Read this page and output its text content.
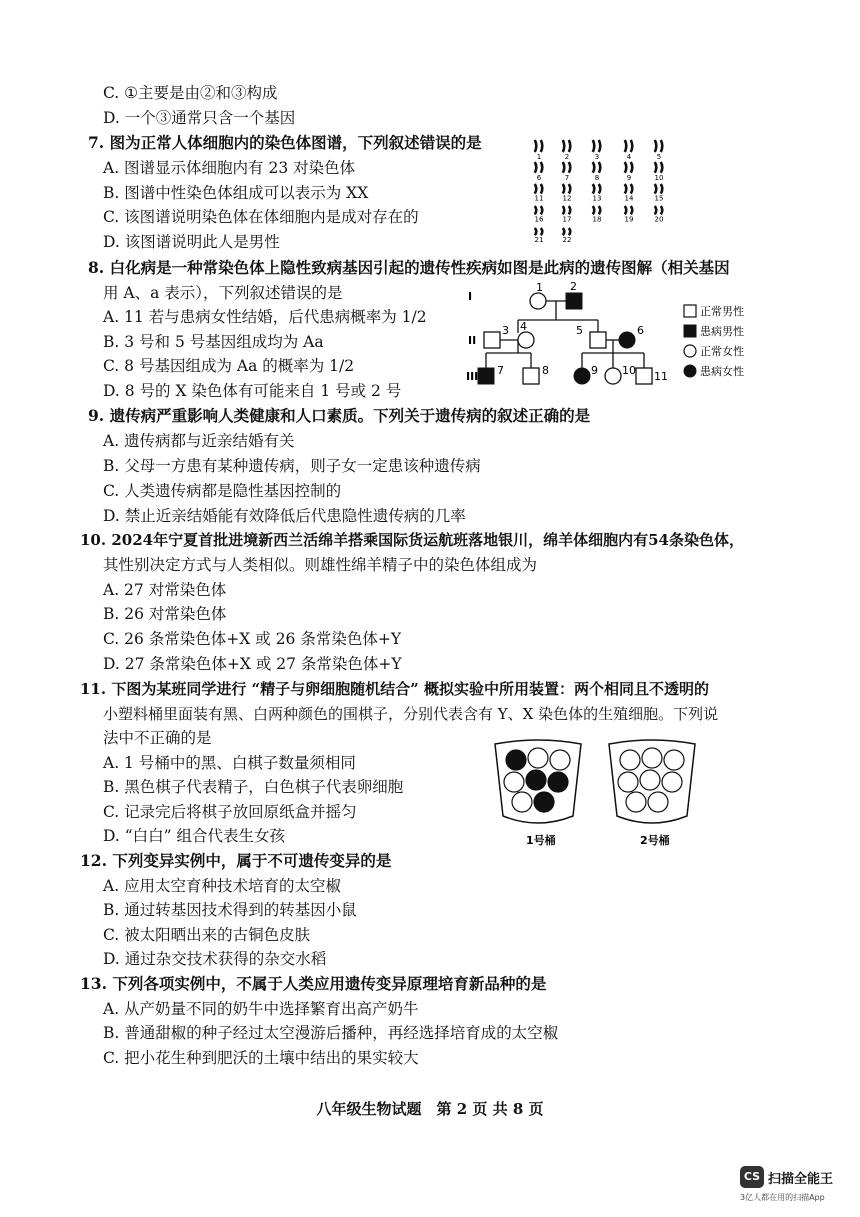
C. ①主要是由②和③构成
D. 一个③通常只含一个基因
7. 图为正常人体细胞内的染色体图谱，下列叙述错误的是
A. 图谱显示体细胞内有 23 对染色体
B. 图谱中性染色体组成可以表示为 XX
C. 该图谱说明染色体在体细胞内是成对存在的
D. 该图谱说明此人是男性
8. 白化病是一种常染色体上隐性致病基因引起的遗传性疾病如图是此病的遗传图解（相关基因
用 A、a 表示），下列叙述错误的是
A. 11 若与患病女性结婚，后代患病概率为 1/2
B. 3 号和 5 号基因组成均为 Aa
C. 8 号基因组成为 Aa 的概率为 1/2
D. 8 号的 X 染色体有可能来自 1 号或 2 号
9. 遗传病严重影响人类健康和人口素质。下列关于遗传病的叙述正确的是
A. 遗传病都与近亲结婚有关
B. 父母一方患有某种遗传病，则子女一定患该种遗传病
C. 人类遗传病都是隐性基因控制的
D. 禁止近亲结婚能有效降低后代患隐性遗传病的几率
10. 2024年宁夏首批进境新西兰活绵羊搭乘国际货运航班落地银川，绵羊体细胞内有54条染色体，
其性别决定方式与人类相似。则雄性绵羊精子中的染色体组成为
A. 27 对常染色体
B. 26 对常染色体
C. 26 条常染色体+X 或 26 条常染色体+Y
D. 27 条常染色体+X 或 27 条常染色体+Y
11. 下图为某班同学进行 “精子与卵细胞随机结合” 概拟实验中所用装置：两个相同且不透明的
小塑料桶里面装有黑、白两种颜色的围棋子，分别代表含有 Y、X 染色体的生殖细胞。下列说
法中不正确的是
A. 1 号桶中的黑、白棋子数量须相同
B. 黑色棋子代表精子，白色棋子代表卵细胞
C. 记录完后将棋子放回原纸盒并摇匀
D. “白白” 组合代表生女孩
12. 下列变异实例中，属于不可遗传变异的是
A. 应用太空育种技术培育的太空椒
B. 通过转基因技术得到的转基因小鼠
C. 被太阳晒出来的古铜色皮肤
D. 通过杂交技术获得的杂交水稻
13. 下列各项实例中，不属于人类应用遗传变异原理培育新品种的是
A. 从产奶量不同的奶牛中选择繁育出高产奶牛
B. 普通甜椒的种子经过太空漫游后播种，再经选择培育成的太空椒
C. 把小花生种到肥沃的土壤中结出的果实较大
1	2	3	4	5
6	7	8	9	10
11	12	13	14	15
16	17	18	19	20
21	22
I
II
III
1 2
3 4	5	6
7	8	9 10 11
正常男性
患病男性
正常女性
患病女性
1号桶	2号桶
八年级生物试题　第 2 页 共 8 页
CS 扫描全能王
3亿人都在用的扫描App
